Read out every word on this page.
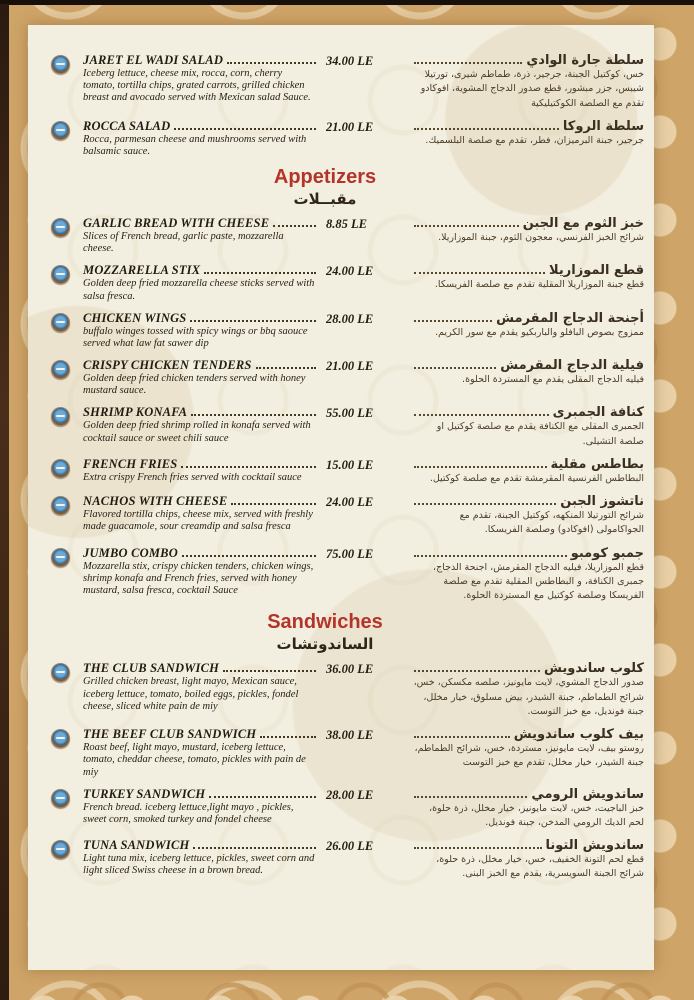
JARET EL WADI SALAD
Iceberg lettuce, cheese mix, rocca, corn, cherry tomato, tortilla chips, grated carrots, grilled chicken breast and avocado served with Mexican salad Sauce.
34.00 LE	سلطة جارة الوادي
خس، كوكتيل الجبنة، جرجير، ذرة، طماطم شيرى، تورتيلا شيبس، جزر مبشور، قطع صدور الدجاج المشوية، افوكادو تقدم مع الصلصة الكوكتيليكية
ROCCA SALAD
Rocca, parmesan cheese and mushrooms served with balsamic sauce.
21.00 LE	سلطة الروكا
جرجير، جبنة البرميزان، فطر، تقدم مع صلصة البلسميك.
Appetizers
مقبــلات
GARLIC BREAD WITH CHEESE
Slices of French bread, garlic paste, mozzarella cheese.
8.85 LE	خبز الثوم مع الجبن
شرائح الخبز الفرنسي، معجون الثوم، جبنة الموزاريلا.
MOZZARELLA STIX
Golden deep fried mozzarella cheese sticks served with salsa fresca.
24.00 LE	قطع الموزاريلا
قطع جبنة الموزاريلا المقلية تقدم مع صلصة الفريسكا.
CHICKEN WINGS
buffalo winges tossed with spicy wings or bbq saouce served what law fat sawer dip
28.00 LE	أجنحة الدجاج المقرمش
ممزوج بصوص البافلو والباربكيو يقدم مع سور الكريم.
CRISPY CHICKEN TENDERS
Golden deep fried chicken tenders served with honey mustard sauce.
21.00 LE	فيلية الدجاج المقرمش
فيليه الدجاج المقلى يقدم مع المستردة الحلوة.
SHRIMP KONAFA
Golden deep fried shrimp rolled in konafa served with cocktail sauce or sweet chili sauce
55.00 LE	كنافة الجمبرى
الجمبرى المقلى مع الكنافة يقدم مع صلصة كوكتيل او صلصة التشيلى.
FRENCH FRIES
Extra crispy French fries served with cocktail sauce
15.00 LE	بطاطس مقلية
البطاطس الفرنسية المقرمشة تقدم مع صلصة كوكتيل.
NACHOS WITH CHEESE
Flavored tortilla chips, cheese mix, served with freshly made guacamole, sour creamdip and salsa fresca
24.00 LE	ناتشوز الجبن
شرائح التورتيلا المنكهه، كوكتيل الجبنة، تقدم مع الجواكامولى (افوكادو) وصلصة الفريسكا.
JUMBO COMBO
Mozzarella stix, crispy chicken tenders, chicken wings, shrimp konafa and French fries, served with honey mustard, salsa fresca, cocktail Sauce
75.00 LE	جمبو كومبو
قطع الموزاريلا، فيليه الدجاج المقرمش، اجنحة الدجاج، جمبرى الكنافة، و البطاطس المقلية تقدم مع صلصة الفريسكا وصلصة كوكتيل مع المستردة الحلوة.
Sandwiches
الساندوتشات
THE CLUB SANDWICH
Grilled chicken breast, light mayo, Mexican sauce, iceberg lettuce, tomato, boiled eggs, pickles, fondel cheese, sliced white pain de miy
36.00 LE	كلوب ساندويش
صدور الدجاج المشوي، لايت مايونيز، صلصه مكسكن، خس، شرائح الطماطم، جبنة الشيدر، بيض مسلوق، خيار مخلل، جبنة فونديل، مع خبز التوست.
THE BEEF CLUB SANDWICH
Roast beef, light mayo, mustard, iceberg lettuce, tomato, cheddar cheese, tomato, pickles with pain de miy
38.00 LE	بيف كلوب ساندويش
روستو بيف، لايت مايونيز، مستردة، خس، شرائح الطماطم، جبنة الشيدر، خيار مخلل، تقدم مع خبز التوست
TURKEY SANDWICH
French bread. iceberg lettuce,light mayo , pickles, sweet corn, smoked turkey and fondel cheese
28.00 LE	ساندويش الرومي
خبز الباجيت، خس، لايت مايونيز، خيار مخلل، ذرة حلوة، لحم الديك الرومي المدخن، جبنة فونديل.
TUNA SANDWICH
Light tuna mix, iceberg lettuce, pickles, sweet corn and light sliced Swiss cheese in a brown bread.
26.00 LE	ساندويش التونا
قطع لحم التونة الخفيف، خس، خيار مخلل، ذرة حلوة، شرائح الجبنة السويسرية، يقدم مع الخبز البنى.
